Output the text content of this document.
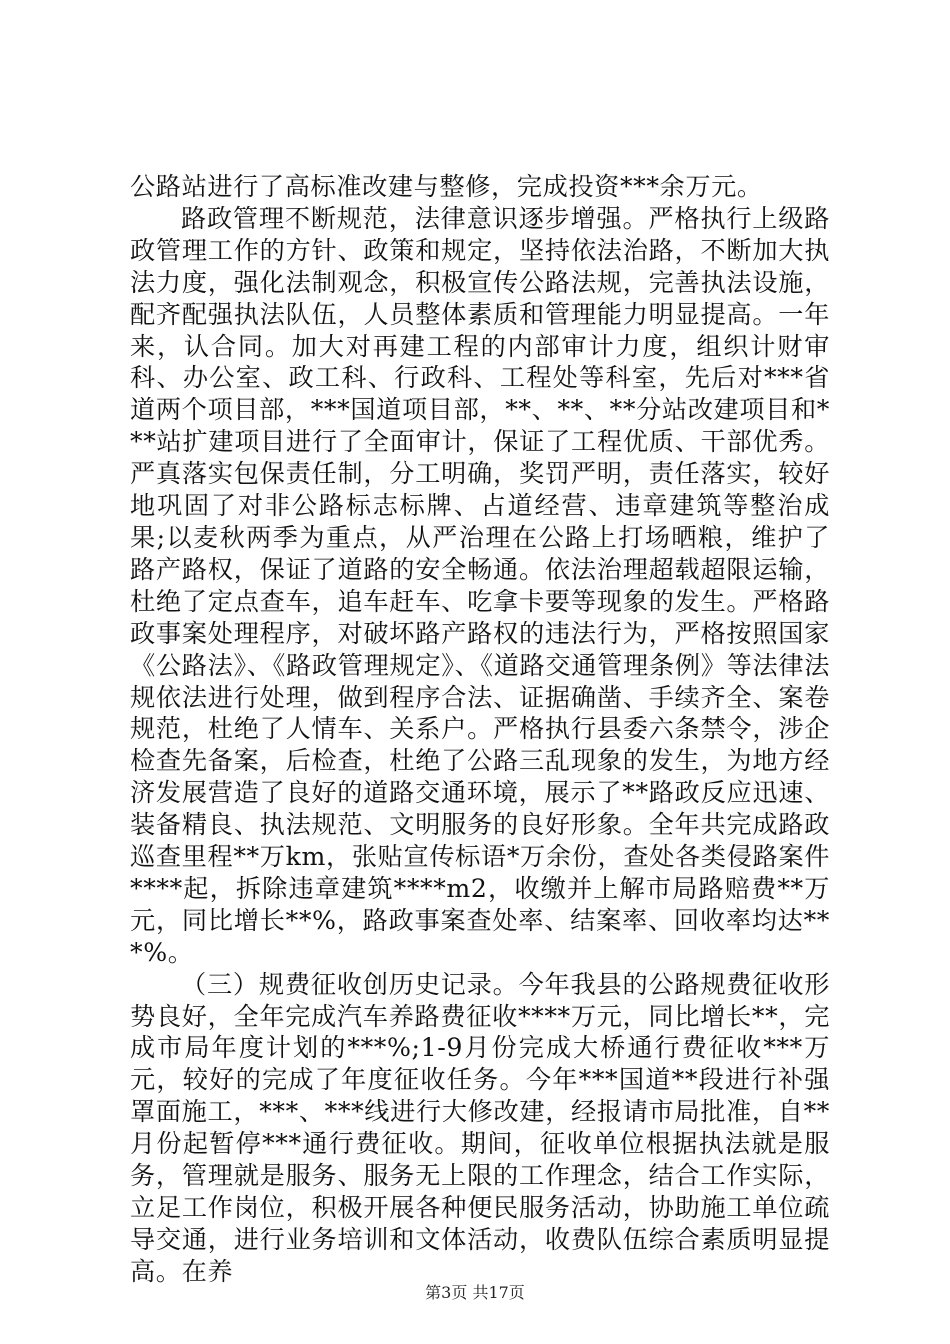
公路站进行了高标准改建与整修，完成投资***余万元。

路政管理不断规范，法律意识逐步增强。严格执行上级路政管理工作的方针、政策和规定，坚持依法治路，不断加大执法力度，强化法制观念，积极宣传公路法规，完善执法设施，配齐配强执法队伍，人员整体素质和管理能力明显提高。一年来，认合同。加大对再建工程的内部审计力度，组织计财审科、办公室、政工科、行政科、工程处等科室，先后对***省道两个项目部，***国道项目部，**、**、**分站改建项目和***站扩建项目进行了全面审计，保证了工程优质、干部优秀。严真落实包保责任制，分工明确，奖罚严明，责任落实，较好地巩固了对非公路标志标牌、占道经营、违章建筑等整治成果;以麦秋两季为重点，从严治理在公路上打场晒粮，维护了路产路权，保证了道路的安全畅通。依法治理超载超限运输，杜绝了定点查车，追车赶车、吃拿卡要等现象的发生。严格路政事案处理程序，对破坏路产路权的违法行为，严格按照国家《公路法》、《路政管理规定》、《道路交通管理条例》等法律法规依法进行处理，做到程序合法、证据确凿、手续齐全、案卷规范，杜绝了人情车、关系户。严格执行县委六条禁令，涉企检查先备案，后检查，杜绝了公路三乱现象的发生，为地方经济发展营造了良好的道路交通环境，展示了**路政反应迅速、装备精良、执法规范、文明服务的良好形象。全年共完成路政巡查里程**万km，张贴宣传标语*万余份，查处各类侵路案件****起，拆除违章建筑****m2，收缴并上解市局路赔费**万元，同比增长**%，路政事案查处率、结案率、回收率均达***%。

（三）规费征收创历史记录。今年我县的公路规费征收形势良好，全年完成汽车养路费征收****万元，同比增长**，完成市局年度计划的***%;1-9月份完成大桥通行费征收***万元，较好的完成了年度征收任务。今年***国道**段进行补强罩面施工，***、***线进行大修改建，经报请市局批准，自**月份起暂停***通行费征收。期间，征收单位根据执法就是服务，管理就是服务、服务无上限的工作理念，结合工作实际，立足工作岗位，积极开展各种便民服务活动，协助施工单位疏导交通，进行业务培训和文体活动，收费队伍综合素质明显提高。在养

第3页 共17页
